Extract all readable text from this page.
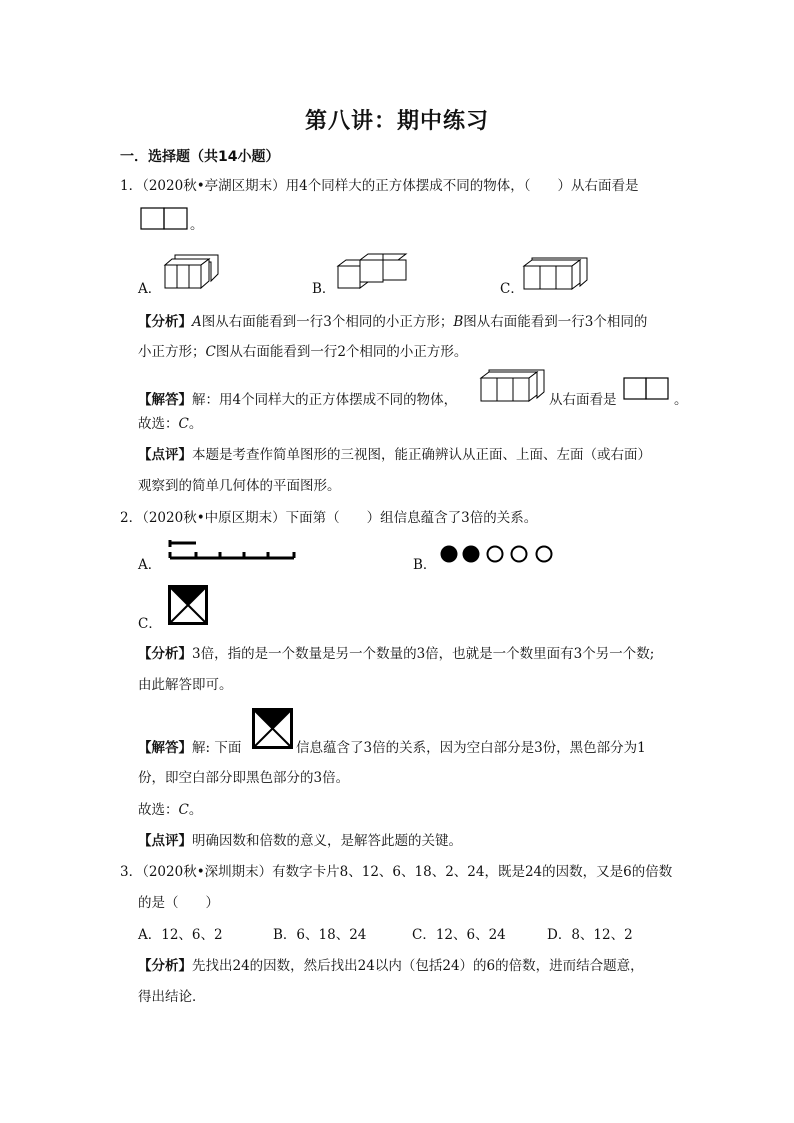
第八讲：期中练习
一．选择题（共14小题）
1．（2020秋•亭湖区期末）用4个同样大的正方体摆成不同的物体，（　　）从右面看是
。
A．	B．	C．
【分析】A图从右面能看到一行3个相同的小正方形；B图从右面能看到一行3个相同的
小正方形；C图从右面能看到一行2个相同的小正方形。
【解答】解：用4个同样大的正方体摆成不同的物体，	从右面看是	。
故选：C。
【点评】本题是考查作简单图形的三视图，能正确辨认从正面、上面、左面（或右面）
观察到的简单几何体的平面图形。
2．（2020秋•中原区期末）下面第（　　）组信息蕴含了3倍的关系。
A．	B．
C．
【分析】3倍，指的是一个数量是另一个数量的3倍，也就是一个数里面有3个另一个数;
由此解答即可。
【解答】解: 下面	信息蕴含了3倍的关系，因为空白部分是3份，黑色部分为1
份，即空白部分即黑色部分的3倍。
故选：C。
【点评】明确因数和倍数的意义，是解答此题的关键。
3．（2020秋•深圳期末）有数字卡片8、12、6、18、2、24，既是24的因数，又是6的倍数
的是（　　）
A．12、6、2	B．6、18、24	C．12、6、24	D．8、12、2
【分析】先找出24的因数，然后找出24以内（包括24）的6的倍数，进而结合题意，
得出结论．
